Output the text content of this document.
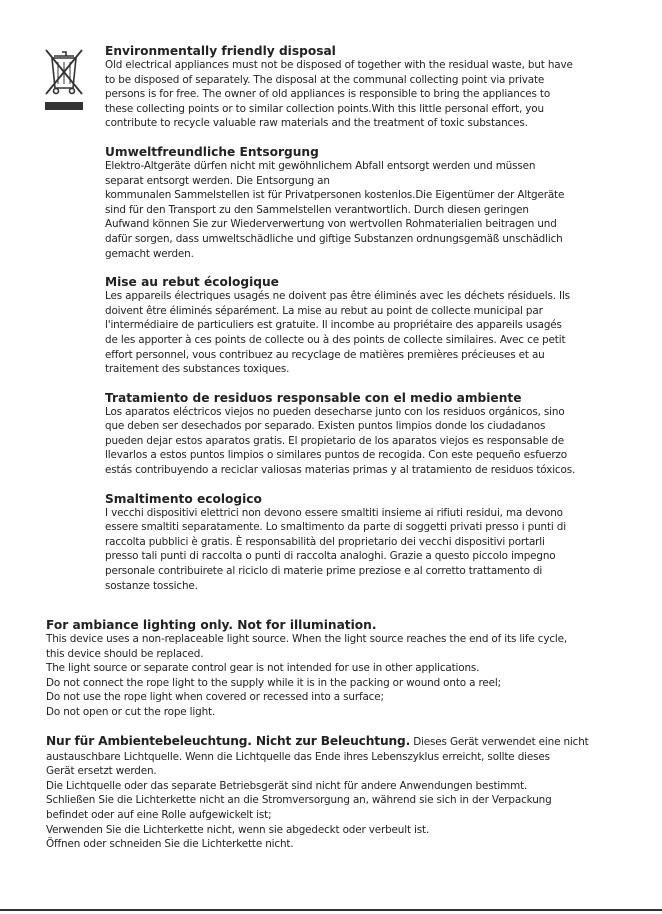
Environmentally friendly disposal

Old electrical appliances must not be disposed of together with the residual waste, but have
to be disposed of separately. The disposal at the communal collecting point via private
persons is for free. The owner of old appliances is responsible to bring the appliances to
these collecting points or to similar collection points.With this little personal effort, you
contribute to recycle valuable raw materials and the treatment of toxic substances.

Umweltfreundliche Entsorgung

Elektro-Altgeräte dürfen nicht mit gewöhnlichem Abfall entsorgt werden und müssen
separat entsorgt werden. Die Entsorgung an
kommunalen Sammelstellen ist für Privatpersonen kostenlos.Die Eigentümer der Altgeräte
sind für den Transport zu den Sammelstellen verantwortlich. Durch diesen geringen
Aufwand können Sie zur Wiederverwertung von wertvollen Rohmaterialien beitragen und
dafür sorgen, dass umweltschädliche und giftige Substanzen ordnungsgemäß unschädlich
gemacht werden.

Mise au rebut écologique

Les appareils électriques usagés ne doivent pas être éliminés avec les déchets résiduels. Ils
doivent être éliminés séparément. La mise au rebut au point de collecte municipal par
l'intermédiaire de particuliers est gratuite. Il incombe au propriétaire des appareils usagés
de les apporter à ces points de collecte ou à des points de collecte similaires. Avec ce petit
effort personnel, vous contribuez au recyclage de matières premières précieuses et au
traitement des substances toxiques.

Tratamiento de residuos responsable con el medio ambiente

Los aparatos eléctricos viejos no pueden desecharse junto con los residuos orgánicos, sino
que deben ser desechados por separado. Existen puntos limpios donde los ciudadanos
pueden dejar estos aparatos gratis. El propietario de los aparatos viejos es responsable de
llevarlos a estos puntos limpios o similares puntos de recogida. Con este pequeño esfuerzo
estás contribuyendo a reciclar valiosas materias primas y al tratamiento de residuos tóxicos.

Smaltimento ecologico

I vecchi dispositivi elettrici non devono essere smaltiti insieme ai rifiuti residui, ma devono
essere smaltiti separatamente. Lo smaltimento da parte di soggetti privati presso i punti di
raccolta pubblici è gratis. È responsabilità del proprietario dei vecchi dispositivi portarli
presso tali punti di raccolta o punti di raccolta analoghi. Grazie a questo piccolo impegno
personale contribuirete al riciclo di materie prime preziose e al corretto trattamento di
sostanze tossiche.

For ambiance lighting only. Not for illumination.

This device uses a non-replaceable light source. When the light source reaches the end of its life cycle,
this device should be replaced.
The light source or separate control gear is not intended for use in other applications.
Do not connect the rope light to the supply while it is in the packing or wound onto a reel;
Do not use the rope light when covered or recessed into a surface;
Do not open or cut the rope light.
Nur für Ambientebeleuchtung. Nicht zur Beleuchtung. Dieses Gerät verwendet eine nicht
austauschbare Lichtquelle. Wenn die Lichtquelle das Ende ihres Lebenszyklus erreicht, sollte dieses
Gerät ersetzt werden.
Die Lichtquelle oder das separate Betriebsgerät sind nicht für andere Anwendungen bestimmt.
Schließen Sie die Lichterkette nicht an die Stromversorgung an, während sie sich in der Verpackung
befindet oder auf eine Rolle aufgewickelt ist;
Verwenden Sie die Lichterkette nicht, wenn sie abgedeckt oder verbeult ist.
Öffnen oder schneiden Sie die Lichterkette nicht.
